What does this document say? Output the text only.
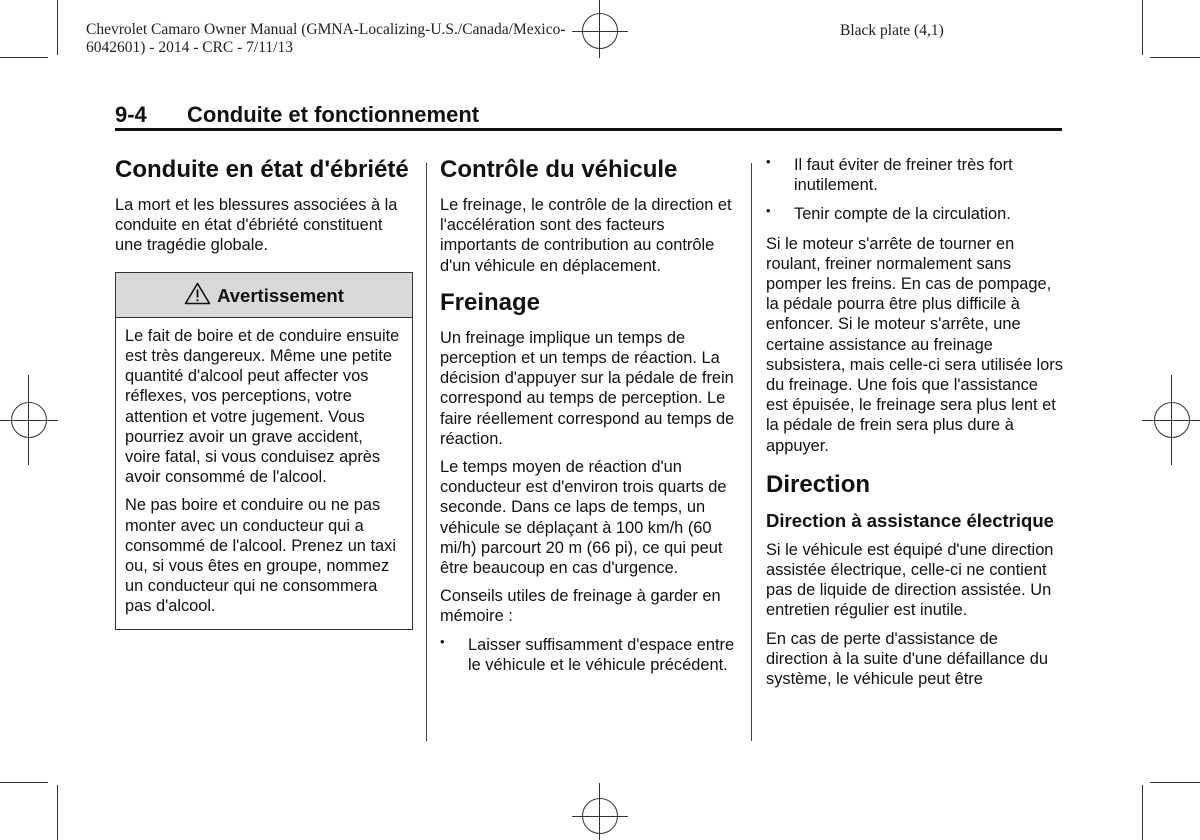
Chevrolet Camaro Owner Manual (GMNA-Localizing-U.S./Canada/Mexico-
6042601) - 2014 - CRC - 7/11/13
Black plate (4,1)
9-4 Conduite et fonctionnement
Conduite en état d'ébriété

La mort et les blessures associées à la conduite en état d'ébriété constituent une tragédie globale.

Avertissement

Le fait de boire et de conduire ensuite est très dangereux. Même une petite quantité d'alcool peut affecter vos réflexes, vos perceptions, votre attention et votre jugement. Vous pourriez avoir un grave accident, voire fatal, si vous conduisez après avoir consommé de l'alcool.

Ne pas boire et conduire ou ne pas monter avec un conducteur qui a consommé de l'alcool. Prenez un taxi ou, si vous êtes en groupe, nommez un conducteur qui ne consommera pas d'alcool.

Contrôle du véhicule

Le freinage, le contrôle de la direction et l'accélération sont des facteurs importants de contribution au contrôle d'un véhicule en déplacement.

Freinage

Un freinage implique un temps de perception et un temps de réaction. La décision d'appuyer sur la pédale de frein correspond au temps de perception. Le faire réellement correspond au temps de réaction.

Le temps moyen de réaction d'un conducteur est d'environ trois quarts de seconde. Dans ce laps de temps, un véhicule se déplaçant à 100 km/h (60 mi/h) parcourt 20 m (66 pi), ce qui peut être beaucoup en cas d'urgence.

Conseils utiles de freinage à garder en mémoire :

• Laisser suffisamment d'espace entre le véhicule et le véhicule précédent.
• Il faut éviter de freiner très fort inutilement.
• Tenir compte de la circulation.

Si le moteur s'arrête de tourner en roulant, freiner normalement sans pomper les freins. En cas de pompage, la pédale pourra être plus difficile à enfoncer. Si le moteur s'arrête, une certaine assistance au freinage subsistera, mais celle-ci sera utilisée lors du freinage. Une fois que l'assistance est épuisée, le freinage sera plus lent et la pédale de frein sera plus dure à appuyer.

Direction
Direction à assistance électrique

Si le véhicule est équipé d'une direction assistée électrique, celle-ci ne contient pas de liquide de direction assistée. Un entretien régulier est inutile.

En cas de perte d'assistance de direction à la suite d'une défaillance du système, le véhicule peut être
